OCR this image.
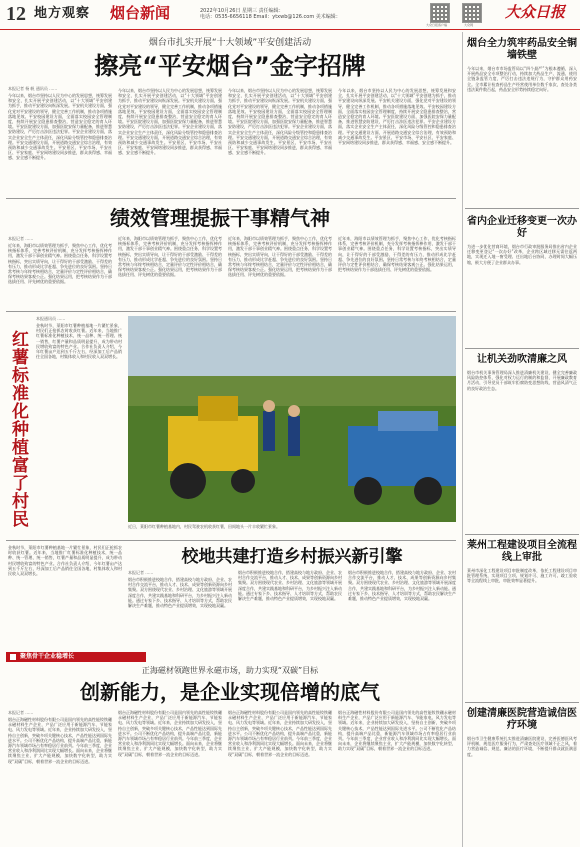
12 地方观察 烟台新闻	2022年10月26日 星期三 责任编辑：
电话：0535-6656118 Email：ytxwb@126.com 美术编辑：
大众日报客户端	大众网
大众日报
烟台市扎实开展“十大领域”平安创建活动
擦亮“平安烟台”金字招牌
本报记者 杨 帆 通讯员 ……
今年以来，烟台市坚持以人民为中心的发展思想，统筹发展和安全，扎实开展平安创建活动，以“十大领域”平安创建为抓手，推动平安建设向纵深发展。平安机关建设方面，强化党对平安建设的领导，健全完善工作机制，推动各项措施落地见效。平安校园建设方面，全面落实校园安全管理制度，持续开展安全隐患排查整治，营造安全稳定的育人环境。平安医院建设方面，加强医院安保力量配备，推进智慧安防建设，严厉打击涉医违法犯罪。平安企业建设方面，落实企业安全生产主体责任，深化风险分级管控和隐患排查治理。平安交通建设方面，开展道路交通安全综合治理，有效预防和减少交通事故发生。平安景区、平安市场、平安社区、平安家庭、平安网络建设同步推进，群众获得感、幸福感、安全感不断提升。
今年以来，烟台市坚持以人民为中心的发展思想，统筹发展和安全，扎实开展平安创建活动，以“十大领域”平安创建为抓手，推动平安建设向纵深发展。平安机关建设方面，强化党对平安建设的领导，健全完善工作机制，推动各项措施落地见效。平安校园建设方面，全面落实校园安全管理制度，持续开展安全隐患排查整治，营造安全稳定的育人环境。平安医院建设方面，加强医院安保力量配备，推进智慧安防建设，严厉打击涉医违法犯罪。平安企业建设方面，落实企业安全生产主体责任，深化风险分级管控和隐患排查治理。平安交通建设方面，开展道路交通安全综合治理，有效预防和减少交通事故发生。平安景区、平安市场、平安社区、平安家庭、平安网络建设同步推进，群众获得感、幸福感、安全感不断提升。
今年以来，烟台市坚持以人民为中心的发展思想，统筹发展和安全，扎实开展平安创建活动，以“十大领域”平安创建为抓手，推动平安建设向纵深发展。平安机关建设方面，强化党对平安建设的领导，健全完善工作机制，推动各项措施落地见效。平安校园建设方面，全面落实校园安全管理制度，持续开展安全隐患排查整治，营造安全稳定的育人环境。平安医院建设方面，加强医院安保力量配备，推进智慧安防建设，严厉打击涉医违法犯罪。平安企业建设方面，落实企业安全生产主体责任，深化风险分级管控和隐患排查治理。平安交通建设方面，开展道路交通安全综合治理，有效预防和减少交通事故发生。平安景区、平安市场、平安社区、平安家庭、平安网络建设同步推进，群众获得感、幸福感、安全感不断提升。
今年以来，烟台市坚持以人民为中心的发展思想，统筹发展和安全，扎实开展平安创建活动，以“十大领域”平安创建为抓手，推动平安建设向纵深发展。平安机关建设方面，强化党对平安建设的领导，健全完善工作机制，推动各项措施落地见效。平安校园建设方面，全面落实校园安全管理制度，持续开展安全隐患排查整治，营造安全稳定的育人环境。平安医院建设方面，加强医院安保力量配备，推进智慧安防建设，严厉打击涉医违法犯罪。平安企业建设方面，落实企业安全生产主体责任，深化风险分级管控和隐患排查治理。平安交通建设方面，开展道路交通安全综合治理，有效预防和减少交通事故发生。平安景区、平安市场、平安社区、平安家庭、平安网络建设同步推进，群众获得感、幸福感、安全感不断提升。
绩效管理提振干事精气神
本报记者 ……
近年来，海阳市以绩效管理为抓手，聚焦中心工作，优化考核指标体系，完善考核评价机制，充分发挥考核指挥棒作用，激发干部干事创业精气神。围绕重点任务，科学设置考核指标，突出实绩导向，让干得好的干部受激励、干得差的有压力，推动形成比学赶超、争先进位的良好氛围。坚持日常考核与年终考核相结合，定量评价与定性评价相结合，确保考核结果客观公正。强化结果运用，把考核结果作为干部选拔任用、评先树优的重要依据。
近年来，海阳市以绩效管理为抓手，聚焦中心工作，优化考核指标体系，完善考核评价机制，充分发挥考核指挥棒作用，激发干部干事创业精气神。围绕重点任务，科学设置考核指标，突出实绩导向，让干得好的干部受激励、干得差的有压力，推动形成比学赶超、争先进位的良好氛围。坚持日常考核与年终考核相结合，定量评价与定性评价相结合，确保考核结果客观公正。强化结果运用，把考核结果作为干部选拔任用、评先树优的重要依据。
近年来，海阳市以绩效管理为抓手，聚焦中心工作，优化考核指标体系，完善考核评价机制，充分发挥考核指挥棒作用，激发干部干事创业精气神。围绕重点任务，科学设置考核指标，突出实绩导向，让干得好的干部受激励、干得差的有压力，推动形成比学赶超、争先进位的良好氛围。坚持日常考核与年终考核相结合，定量评价与定性评价相结合，确保考核结果客观公正。强化结果运用，把考核结果作为干部选拔任用、评先树优的重要依据。
近年来，海阳市以绩效管理为抓手，聚焦中心工作，优化考核指标体系，完善考核评价机制，充分发挥考核指挥棒作用，激发干部干事创业精气神。围绕重点任务，科学设置考核指标，突出实绩导向，让干得好的干部受激励、干得差的有压力，推动形成比学赶超、争先进位的良好氛围。坚持日常考核与年终考核相结合，定量评价与定性评价相结合，确保考核结果客观公正。强化结果运用，把考核结果作为干部选拔任用、评先树优的重要依据。
红薯标准化种植富了村民
本报通讯员 ……
金秋时节，莱阳市红薯种植基地一片繁忙景象，村民们正抢抓农时收获红薯。近年来，当地推广红薯标准化种植技术，统一品种、统一管理、统一销售，红薯产量和品质明显提升，成为带动村民增收致富的特色产业。合作社负责人介绍，今年红薯亩产达到五千斤左右，经深加工后产品销往全国各地，村集体收入和村民收入双双增长。
近日，莱阳市红薯种植基地内，村民驾驶农机收获红薯，田间地头一片丰收繁忙景象。
校地共建打造乡村振兴新引擎
本报记者 ……
烟台市积极推进校地合作，搭建高校与地方政府、企业、农村合作交流平台，推动人才、技术、成果等创新资源向乡村集聚。双方围绕现代农业、乡村治理、文化旅游等领域开展深度合作，共建实践基地和科研平台，为乡村振兴注入新动能。通过专家下乡、技术指导、人才培训等方式，帮助农民解决生产难题，推动特色产业提质增效，实现校地双赢。
烟台市积极推进校地合作，搭建高校与地方政府、企业、农村合作交流平台，推动人才、技术、成果等创新资源向乡村集聚。双方围绕现代农业、乡村治理、文化旅游等领域开展深度合作，共建实践基地和科研平台，为乡村振兴注入新动能。通过专家下乡、技术指导、人才培训等方式，帮助农民解决生产难题，推动特色产业提质增效，实现校地双赢。
烟台市积极推进校地合作，搭建高校与地方政府、企业、农村合作交流平台，推动人才、技术、成果等创新资源向乡村集聚。双方围绕现代农业、乡村治理、文化旅游等领域开展深度合作，共建实践基地和科研平台，为乡村振兴注入新动能。通过专家下乡、技术指导、人才培训等方式，帮助农民解决生产难题，推动特色产业提质增效，实现校地双赢。
金秋时节，莱阳市红薯种植基地一片繁忙景象，村民们正抢抓农时收获红薯。近年来，当地推广红薯标准化种植技术，统一品种、统一管理、统一销售，红薯产量和品质明显提升，成为带动村民增收致富的特色产业。合作社负责人介绍，今年红薯亩产达到五千斤左右，经深加工后产品销往全国各地，村集体收入和村民收入双双增长。
聚焦骨干企业稳增长
正海磁材领跑世界永磁市场，助力实现“双碳”目标
创新能力，是企业实现倍增的底气
本报记者 ……
烟台正海磁性材料股份有限公司是国内领先的高性能钕铁硼永磁材料生产企业，产品广泛应用于新能源汽车、节能家电、风力发电等领域。近年来，企业持续加大研发投入，坚持自主创新，突破多项关键核心技术，产品性能达到国际先进水平。公司不断优化产品结构，提升高端产品比重，新能源汽车领域市场占有率稳居行业前列。今年前三季度，企业营业收入和净利润同比实现大幅增长。面向未来，企业将继续聚焦主业，扩大产能规模，加快数字化转型，助力实现“双碳”目标，朝着世界一流企业的目标迈进。
烟台正海磁性材料股份有限公司是国内领先的高性能钕铁硼永磁材料生产企业，产品广泛应用于新能源汽车、节能家电、风力发电等领域。近年来，企业持续加大研发投入，坚持自主创新，突破多项关键核心技术，产品性能达到国际先进水平。公司不断优化产品结构，提升高端产品比重，新能源汽车领域市场占有率稳居行业前列。今年前三季度，企业营业收入和净利润同比实现大幅增长。面向未来，企业将继续聚焦主业，扩大产能规模，加快数字化转型，助力实现“双碳”目标，朝着世界一流企业的目标迈进。
烟台正海磁性材料股份有限公司是国内领先的高性能钕铁硼永磁材料生产企业，产品广泛应用于新能源汽车、节能家电、风力发电等领域。近年来，企业持续加大研发投入，坚持自主创新，突破多项关键核心技术，产品性能达到国际先进水平。公司不断优化产品结构，提升高端产品比重，新能源汽车领域市场占有率稳居行业前列。今年前三季度，企业营业收入和净利润同比实现大幅增长。面向未来，企业将继续聚焦主业，扩大产能规模，加快数字化转型，助力实现“双碳”目标，朝着世界一流企业的目标迈进。
烟台正海磁性材料股份有限公司是国内领先的高性能钕铁硼永磁材料生产企业，产品广泛应用于新能源汽车、节能家电、风力发电等领域。近年来，企业持续加大研发投入，坚持自主创新，突破多项关键核心技术，产品性能达到国际先进水平。公司不断优化产品结构，提升高端产品比重，新能源汽车领域市场占有率稳居行业前列。今年前三季度，企业营业收入和净利润同比实现大幅增长。面向未来，企业将继续聚焦主业，扩大产能规模，加快数字化转型，助力实现“双碳”目标，朝着世界一流企业的目标迈进。
烟台全力筑牢药品安全铜墙铁壁
今年以来，烟台市市场监管局以“四个最严”为根本遵循，深入开展药品安全专项整治行动，持续加大药品生产、流通、使用全链条监管力度，严厉打击违法违规行为，守护群众用药安全。全市累计检查药品生产经营使用单位数千家次，查处各类违法案件数百起，药品安全形势持续稳定向好。
省内企业迁移变更一次办好
为进一步优化营商环境，烟台市行政审批服务局推出省内企业迁移变更登记“一次办好”改革，企业跨区域迁移无需往返两地，实现迁入地一窗受理、迁出地后台协同，办理时间大幅压缩，极大方便了企业群众办事。
让机关劲吹清廉之风
烟台市机关事务管理局深入推进清廉机关建设，健全完善廉政风险防控体系，强化对权力运行的制约和监督，开展廉政教育月活动，引导党员干部筑牢拒腐防变思想防线，营造风清气正的良好政治生态。
莱州工程建设项目全流程线上审批
莱州市深化工程建设项目审批制度改革，依托工程建设项目审批管理系统，实现项目立项、规划许可、施工许可、竣工验收等全流程线上审批，审批效率显著提升。
创建清廉医院营造诚信医疗环境
烟台市卫生健康系统扎实推进清廉医院建设，完善医德医风考评机制，规范医疗服务行为，严肃查处医疗领域不正之风，着力营造诚信、规范、廉洁的医疗环境，不断提升群众就医满意度。
